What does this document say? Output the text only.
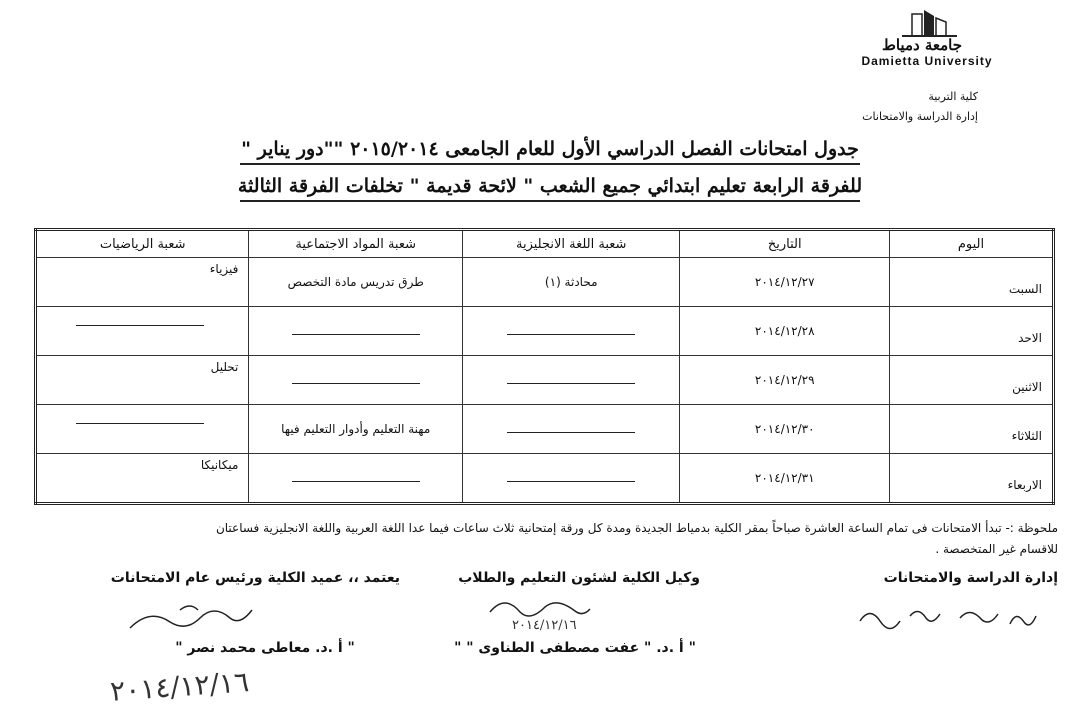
جامعة دمياط
Damietta University
كلية التربية
إدارة الدراسة والامتحانات
جدول امتحانات الفصل الدراسي الأول للعام الجامعى ٢٠١٥/٢٠١٤ ""دور يناير "
للفرقة الرابعة تعليم ابتدائي جميع الشعب " لائحة قديمة " تخلفات الفرقة الثالثة
اليوم	التاريخ	شعبة اللغة الانجليزية	شعبة المواد الاجتماعية	شعبة الرياضيات

السبت	٢٠١٤/١٢/٢٧	محادثة (١)	طرق تدريس مادة التخصص	فيزياء

الاحد	٢٠١٤/١٢/٢٨			

الاثنين	٢٠١٤/١٢/٢٩			تحليل

الثلاثاء	٢٠١٤/١٢/٣٠		مهنة التعليم وأدوار التعليم فيها	

الاربعاء	٢٠١٤/١٢/٣١			ميكانيكا
ملحوظة :- تبدأ الامتحانات فى تمام الساعة العاشرة صباحاً بمقر الكلية بدمياط الجديدة ومدة كل ورقة إمتحانية ثلاث ساعات فيما عدا اللغة العربية واللغة الانجليزية فساعتان
للاقسام غير المتخصصة .
إدارة الدراسة والامتحانات
وكيل الكلية لشئون التعليم والطلاب
٢٠١٤/١٢/١٦
" أ .د. " عفت مصطفى الطناوى " "
يعتمد ،، عميد الكلية ورئيس عام الامتحانات
" أ .د. معاطى محمد نصر "
٢٠١٤/١٢/١٦
